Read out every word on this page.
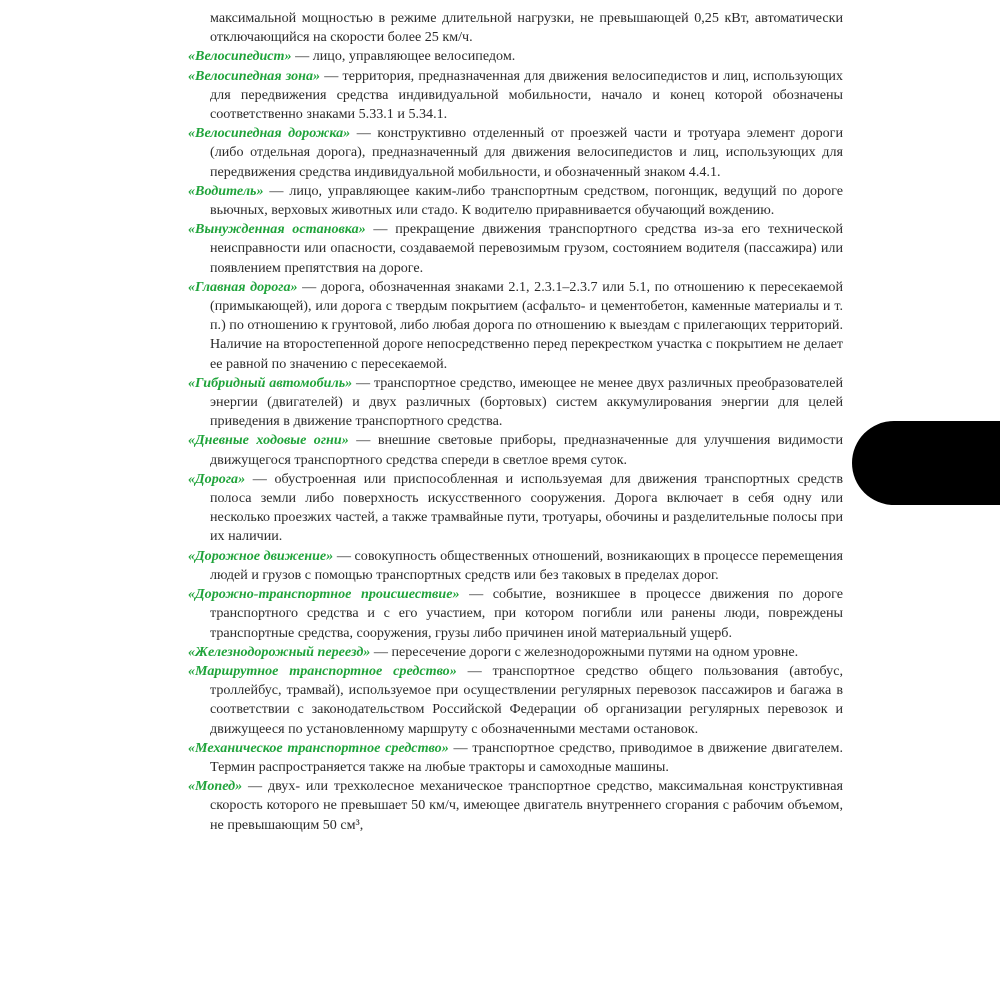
максимальной мощностью в режиме длительной нагрузки, не превышающей 0,25 кВт, автоматически отключающийся на скорости более 25 км/ч.

«Велосипедист» — лицо, управляющее велосипедом.

«Велосипедная зона» — территория, предназначенная для движения велосипедистов и лиц, использующих для передвижения средства индивидуальной мобильности, начало и конец которой обозначены соответственно знаками 5.33.1 и 5.34.1.

«Велосипедная дорожка» — конструктивно отделенный от проезжей части и тротуара элемент дороги (либо отдельная дорога), предназначенный для движения велосипедистов и лиц, использующих для передвижения средства индивидуальной мобильности, и обозначенный знаком 4.4.1.

«Водитель» — лицо, управляющее каким-либо транспортным средством, погонщик, ведущий по дороге вьючных, верховых животных или стадо. К водителю приравнивается обучающий вождению.

«Вынужденная остановка» — прекращение движения транспортного средства из-за его технической неисправности или опасности, создаваемой перевозимым грузом, состоянием водителя (пассажира) или появлением препятствия на дороге.

«Главная дорога» — дорога, обозначенная знаками 2.1, 2.3.1–2.3.7 или 5.1, по отношению к пересекаемой (примыкающей), или дорога с твердым покрытием (асфальто- и цементобетон, каменные материалы и т. п.) по отношению к грунтовой, либо любая дорога по отношению к выездам с прилегающих территорий. Наличие на второстепенной дороге непосредственно перед перекрестком участка с покрытием не делает ее равной по значению с пересекаемой.

«Гибридный автомобиль» — транспортное средство, имеющее не менее двух различных преобразователей энергии (двигателей) и двух различных (бортовых) систем аккумулирования энергии для целей приведения в движение транспортного средства.

«Дневные ходовые огни» — внешние световые приборы, предназначенные для улучшения видимости движущегося транспортного средства спереди в светлое время суток.

«Дорога» — обустроенная или приспособленная и используемая для движения транспортных средств полоса земли либо поверхность искусственного сооружения. Дорога включает в себя одну или несколько проезжих частей, а также трамвайные пути, тротуары, обочины и разделительные полосы при их наличии.

«Дорожное движение» — совокупность общественных отношений, возникающих в процессе перемещения людей и грузов с помощью транспортных средств или без таковых в пределах дорог.

«Дорожно-транспортное происшествие» — событие, возникшее в процессе движения по дороге транспортного средства и с его участием, при котором погибли или ранены люди, повреждены транспортные средства, сооружения, грузы либо причинен иной материальный ущерб.

«Железнодорожный переезд» — пересечение дороги с железнодорожными путями на одном уровне.

«Маршрутное транспортное средство» — транспортное средство общего пользования (автобус, троллейбус, трамвай), используемое при осуществлении регулярных перевозок пассажиров и багажа в соответствии с законодательством Российской Федерации об организации регулярных перевозок и движущееся по установленному маршруту с обозначенными местами остановок.

«Механическое транспортное средство» — транспортное средство, приводимое в движение двигателем. Термин распространяется также на любые тракторы и самоходные машины.

«Мопед» — двух- или трехколесное механическое транспортное средство, максимальная конструктивная скорость которого не превышает 50 км/ч, имеющее двигатель внутреннего сгорания с рабочим объемом, не превышающим 50 см³,
